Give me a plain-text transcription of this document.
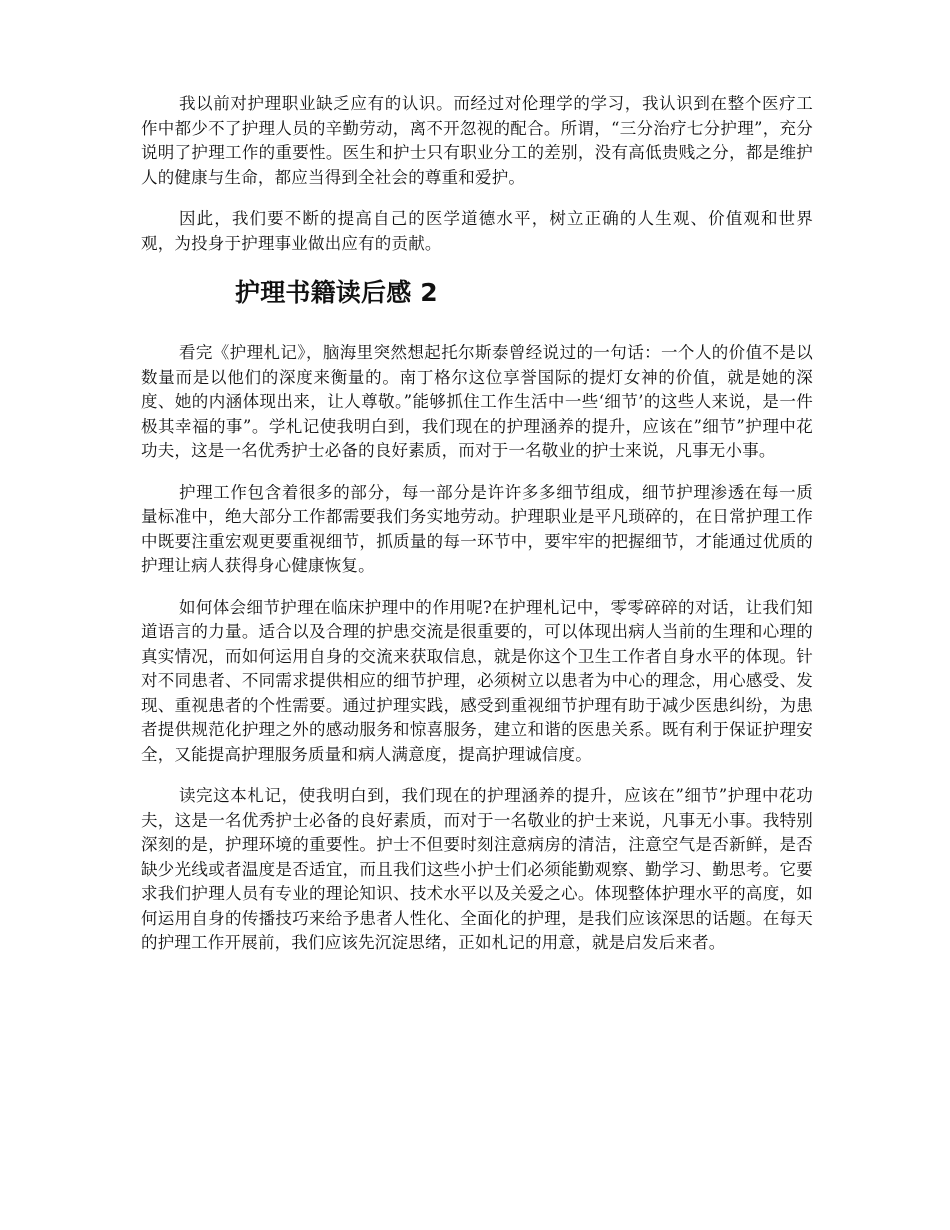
我以前对护理职业缺乏应有的认识。而经过对伦理学的学习，我认识到在整个医疗工作中都少不了护理人员的辛勤劳动，离不开忽视的配合。所谓，“三分治疗七分护理”，充分说明了护理工作的重要性。医生和护士只有职业分工的差别，没有高低贵贱之分，都是维护人的健康与生命，都应当得到全社会的尊重和爱护。

因此，我们要不断的提高自己的医学道德水平，树立正确的人生观、价值观和世界观，为投身于护理事业做出应有的贡献。

护理书籍读后感 2

看完《护理札记》，脑海里突然想起托尔斯泰曾经说过的一句话：一个人的价值不是以数量而是以他们的深度来衡量的。南丁格尔这位享誉国际的提灯女神的价值，就是她的深度、她的内涵体现出来，让人尊敬。”能够抓住工作生活中一些‘细节’的这些人来说，是一件极其幸福的事”。学札记使我明白到，我们现在的护理涵养的提升，应该在”细节”护理中花功夫，这是一名优秀护士必备的良好素质，而对于一名敬业的护士来说，凡事无小事。

护理工作包含着很多的部分，每一部分是许许多多细节组成，细节护理渗透在每一质量标准中，绝大部分工作都需要我们务实地劳动。护理职业是平凡琐碎的，在日常护理工作中既要注重宏观更要重视细节，抓质量的每一环节中，要牢牢的把握细节，才能通过优质的护理让病人获得身心健康恢复。

如何体会细节护理在临床护理中的作用呢?在护理札记中，零零碎碎的对话，让我们知道语言的力量。适合以及合理的护患交流是很重要的，可以体现出病人当前的生理和心理的真实情况，而如何运用自身的交流来获取信息，就是你这个卫生工作者自身水平的体现。针对不同患者、不同需求提供相应的细节护理，必须树立以患者为中心的理念，用心感受、发现、重视患者的个性需要。通过护理实践，感受到重视细节护理有助于减少医患纠纷，为患者提供规范化护理之外的感动服务和惊喜服务，建立和谐的医患关系。既有利于保证护理安全，又能提高护理服务质量和病人满意度，提高护理诚信度。

读完这本札记，使我明白到，我们现在的护理涵养的提升，应该在”细节”护理中花功夫，这是一名优秀护士必备的良好素质，而对于一名敬业的护士来说，凡事无小事。我特别深刻的是，护理环境的重要性。护士不但要时刻注意病房的清洁，注意空气是否新鲜，是否缺少光线或者温度是否适宜，而且我们这些小护士们必须能勤观察、勤学习、勤思考。它要求我们护理人员有专业的理论知识、技术水平以及关爱之心。体现整体护理水平的高度，如何运用自身的传播技巧来给予患者人性化、全面化的护理，是我们应该深思的话题。在每天的护理工作开展前，我们应该先沉淀思绪，正如札记的用意，就是启发后来者。
